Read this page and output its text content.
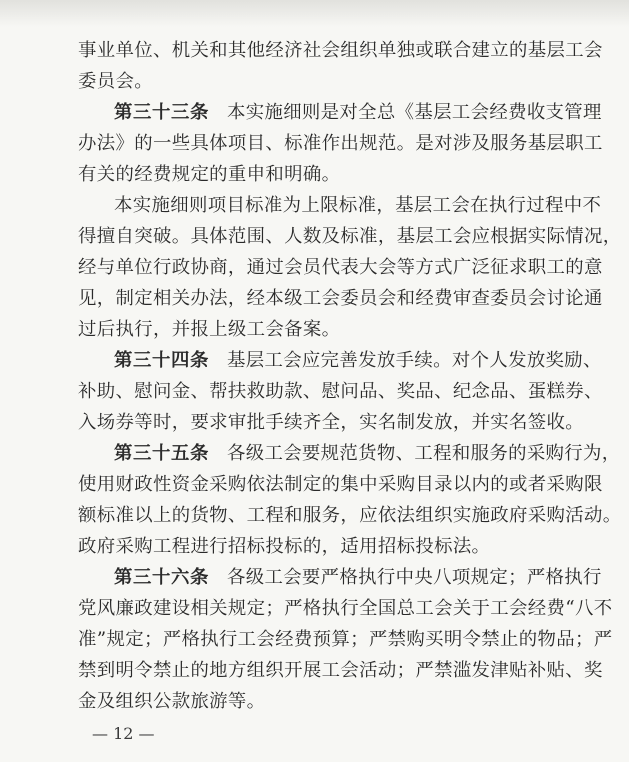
事业单位、机关和其他经济社会组织单独或联合建立的基层工会
委员会。
第三十三条 本实施细则是对全总《基层工会经费收支管理
办法》的一些具体项目、标准作出规范。是对涉及服务基层职工
有关的经费规定的重申和明确。
本实施细则项目标准为上限标准，基层工会在执行过程中不
得擅自突破。具体范围、人数及标准，基层工会应根据实际情况，
经与单位行政协商，通过会员代表大会等方式广泛征求职工的意
见，制定相关办法，经本级工会委员会和经费审查委员会讨论通
过后执行，并报上级工会备案。
第三十四条 基层工会应完善发放手续。对个人发放奖励、
补助、慰问金、帮扶救助款、慰问品、奖品、纪念品、蛋糕券、
入场券等时，要求审批手续齐全，实名制发放，并实名签收。
第三十五条 各级工会要规范货物、工程和服务的采购行为，
使用财政性资金采购依法制定的集中采购目录以内的或者采购限
额标准以上的货物、工程和服务，应依法组织实施政府采购活动。
政府采购工程进行招标投标的，适用招标投标法。
第三十六条 各级工会要严格执行中央八项规定；严格执行
党风廉政建设相关规定；严格执行全国总工会关于工会经费“八不
准”规定；严格执行工会经费预算；严禁购买明令禁止的物品；严
禁到明令禁止的地方组织开展工会活动；严禁滥发津贴补贴、奖
金及组织公款旅游等。
— 12 —
